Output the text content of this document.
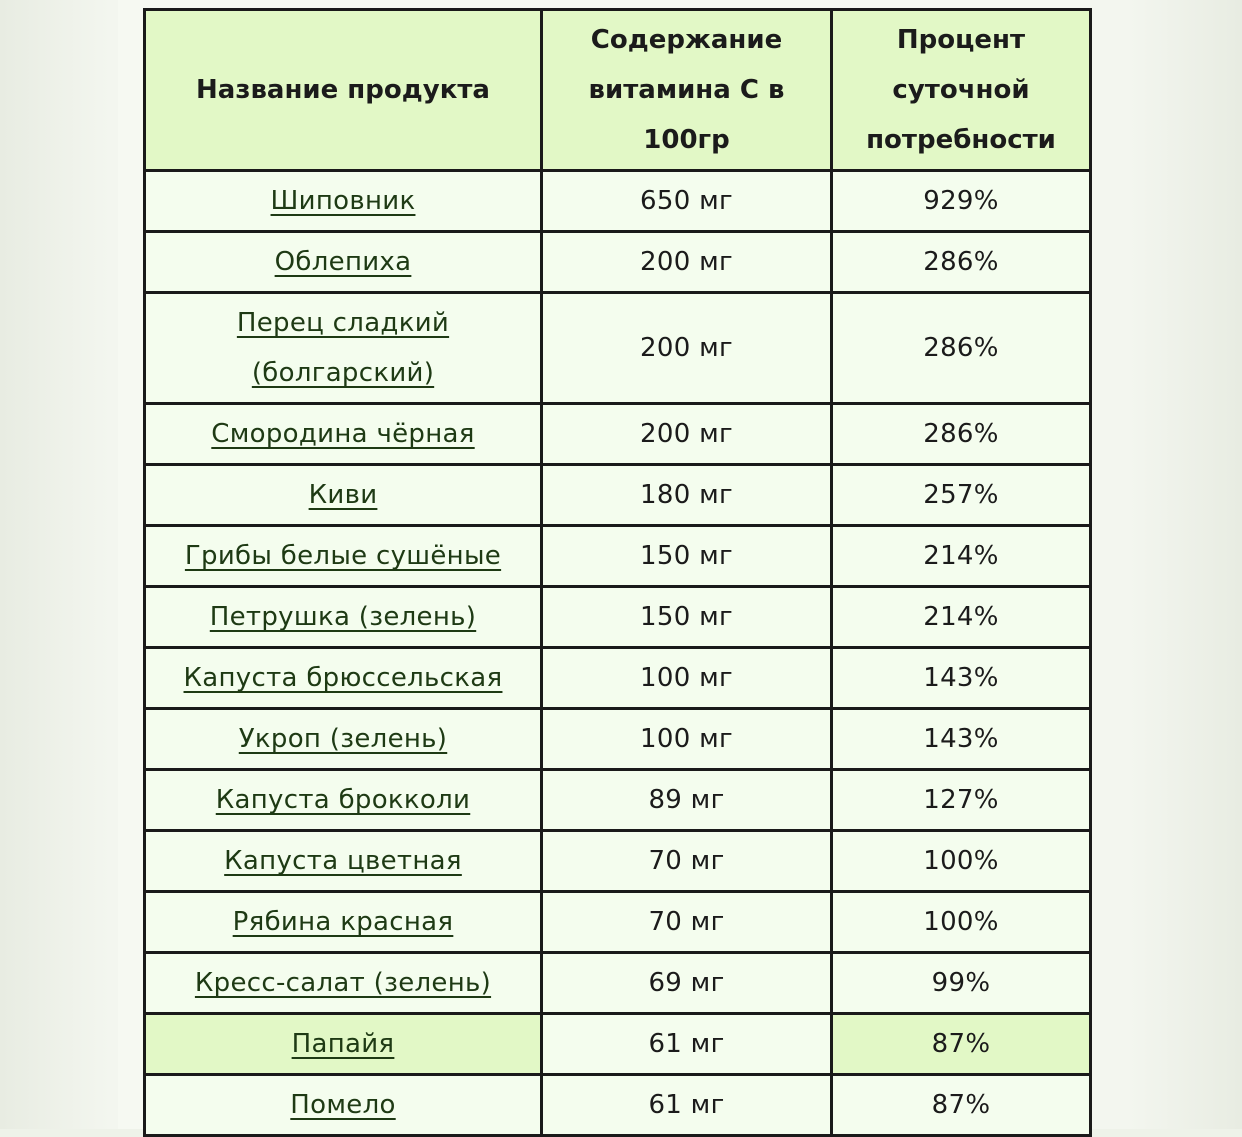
Название продукта	Содержание витамина С в 100гр	Процент суточной потребности
Шиповник	650 мг	929%
Облепиха	200 мг	286%
Перец сладкий (болгарский)	200 мг	286%
Смородина чёрная	200 мг	286%
Киви	180 мг	257%
Грибы белые сушёные	150 мг	214%
Петрушка (зелень)	150 мг	214%
Капуста брюссельская	100 мг	143%
Укроп (зелень)	100 мг	143%
Капуста брокколи	89 мг	127%
Капуста цветная	70 мг	100%
Рябина красная	70 мг	100%
Кресс-салат (зелень)	69 мг	99%
Папайя	61 мг	87%
Помело	61 мг	87%
